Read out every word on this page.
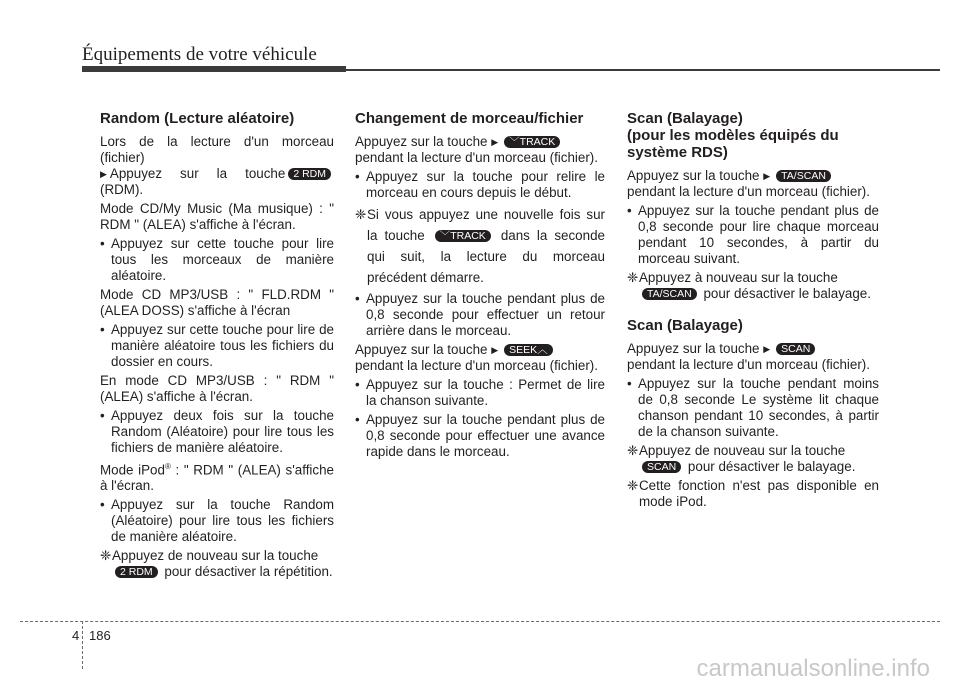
Équipements de votre véhicule
Random (Lecture aléatoire)

Lors de la lecture d'un morceau (fichier)
▶ Appuyez sur la touche 2 RDM(RDM).

Mode CD/My Music (Ma musique) : " RDM " (ALEA) s'affiche à l'écran.

• Appuyez sur cette touche pour lire tous les morceaux de manière aléatoire.

Mode CD MP3/USB : " FLD.RDM " (ALEA DOSS) s'affiche à l'écran

• Appuyez sur cette touche pour lire de manière aléatoire tous les fichiers du dossier en cours.

En mode CD MP3/USB : " RDM " (ALEA) s'affiche à l'écran.

• Appuyez deux fois sur la touche Random (Aléatoire) pour lire tous les fichiers de manière aléatoire.

Mode iPod® : " RDM " (ALEA) s'affiche à l'écran.

• Appuyez sur la touche Random (Aléatoire) pour lire tous les fichiers de manière aléatoire.

❈ Appuyez de nouveau sur la touche
2 RDM pour désactiver la répétition.

Changement de morceau/fichier

Appuyez sur la touche ▶ ﹀TRACK
pendant la lecture d'un morceau (fichier).

• Appuyez sur la touche pour relire le morceau en cours depuis le début.

❈ Si vous appuyez une nouvelle fois sur la touche ﹀TRACK dans la seconde qui suit, la lecture du morceau précédent démarre.

• Appuyez sur la touche pendant plus de 0,8 seconde pour effectuer un retour arrière dans le morceau.

Appuyez sur la touche ▶ SEEK︿
pendant la lecture d'un morceau (fichier).

• Appuyez sur la touche : Permet de lire la chanson suivante.

• Appuyez sur la touche pendant plus de 0,8 seconde pour effectuer une avance rapide dans le morceau.

Scan (Balayage)
(pour les modèles équipés du système RDS)

Appuyez sur la touche ▶ TA/SCAN
pendant la lecture d'un morceau (fichier).

• Appuyez sur la touche pendant plus de 0,8 seconde pour lire chaque morceau pendant 10 secondes, à partir du morceau suivant.

❈ Appuyez à nouveau sur la touche
TA/SCAN pour désactiver le balayage.

Scan (Balayage)

Appuyez sur la touche ▶ SCAN
pendant la lecture d'un morceau (fichier).

• Appuyez sur la touche pendant moins de 0,8 seconde Le système lit chaque chanson pendant 10 secondes, à partir de la chanson suivante.

❈ Appuyez de nouveau sur la touche
SCAN pour désactiver le balayage.

❈ Cette fonction n'est pas disponible en mode iPod.

4 186
carmanualsonline.info
